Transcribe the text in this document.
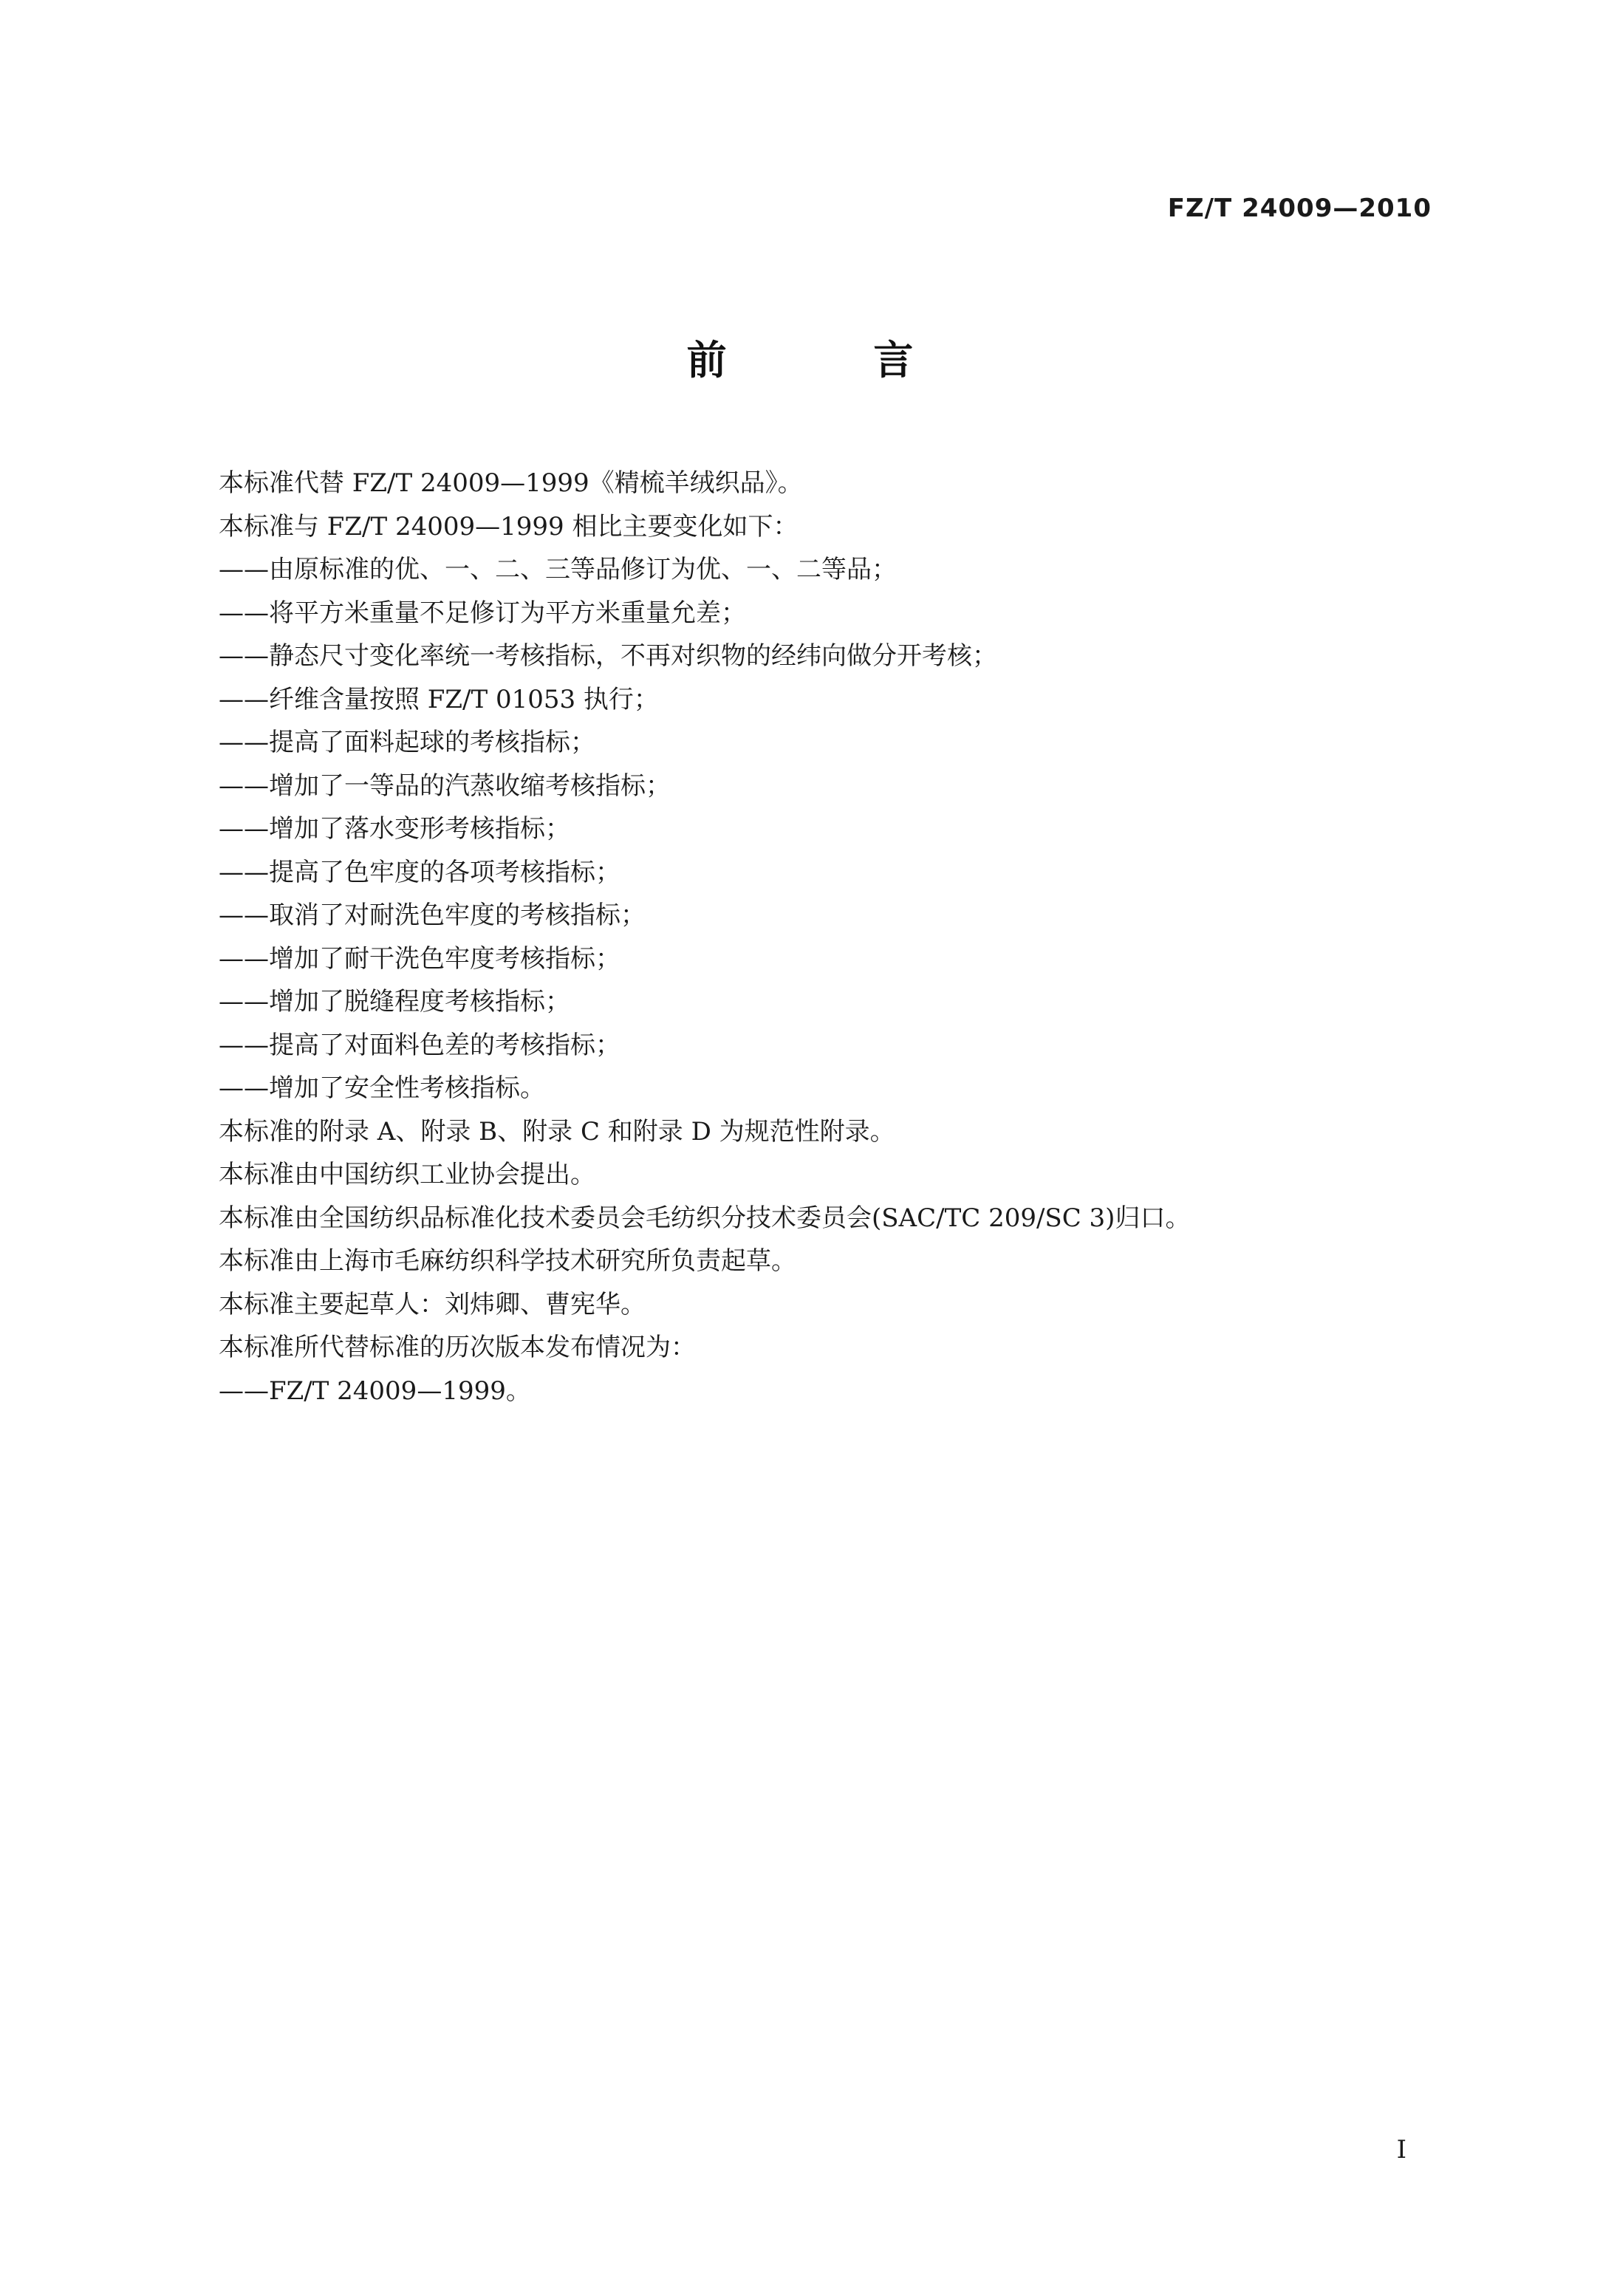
FZ/T 24009—2010
前 言
本标准代替 FZ/T 24009—1999《精梳羊绒织品》。
本标准与 FZ/T 24009—1999 相比主要变化如下：
——由原标准的优、一、二、三等品修订为优、一、二等品；
——将平方米重量不足修订为平方米重量允差；
——静态尺寸变化率统一考核指标，不再对织物的经纬向做分开考核；
——纤维含量按照 FZ/T 01053 执行；
——提高了面料起球的考核指标；
——增加了一等品的汽蒸收缩考核指标；
——增加了落水变形考核指标；
——提高了色牢度的各项考核指标；
——取消了对耐洗色牢度的考核指标；
——增加了耐干洗色牢度考核指标；
——增加了脱缝程度考核指标；
——提高了对面料色差的考核指标；
——增加了安全性考核指标。
本标准的附录 A、附录 B、附录 C 和附录 D 为规范性附录。
本标准由中国纺织工业协会提出。
本标准由全国纺织品标准化技术委员会毛纺织分技术委员会(SAC/TC 209/SC 3)归口。
本标准由上海市毛麻纺织科学技术研究所负责起草。
本标准主要起草人：刘炜卿、曹宪华。
本标准所代替标准的历次版本发布情况为：
——FZ/T 24009—1999。
I
